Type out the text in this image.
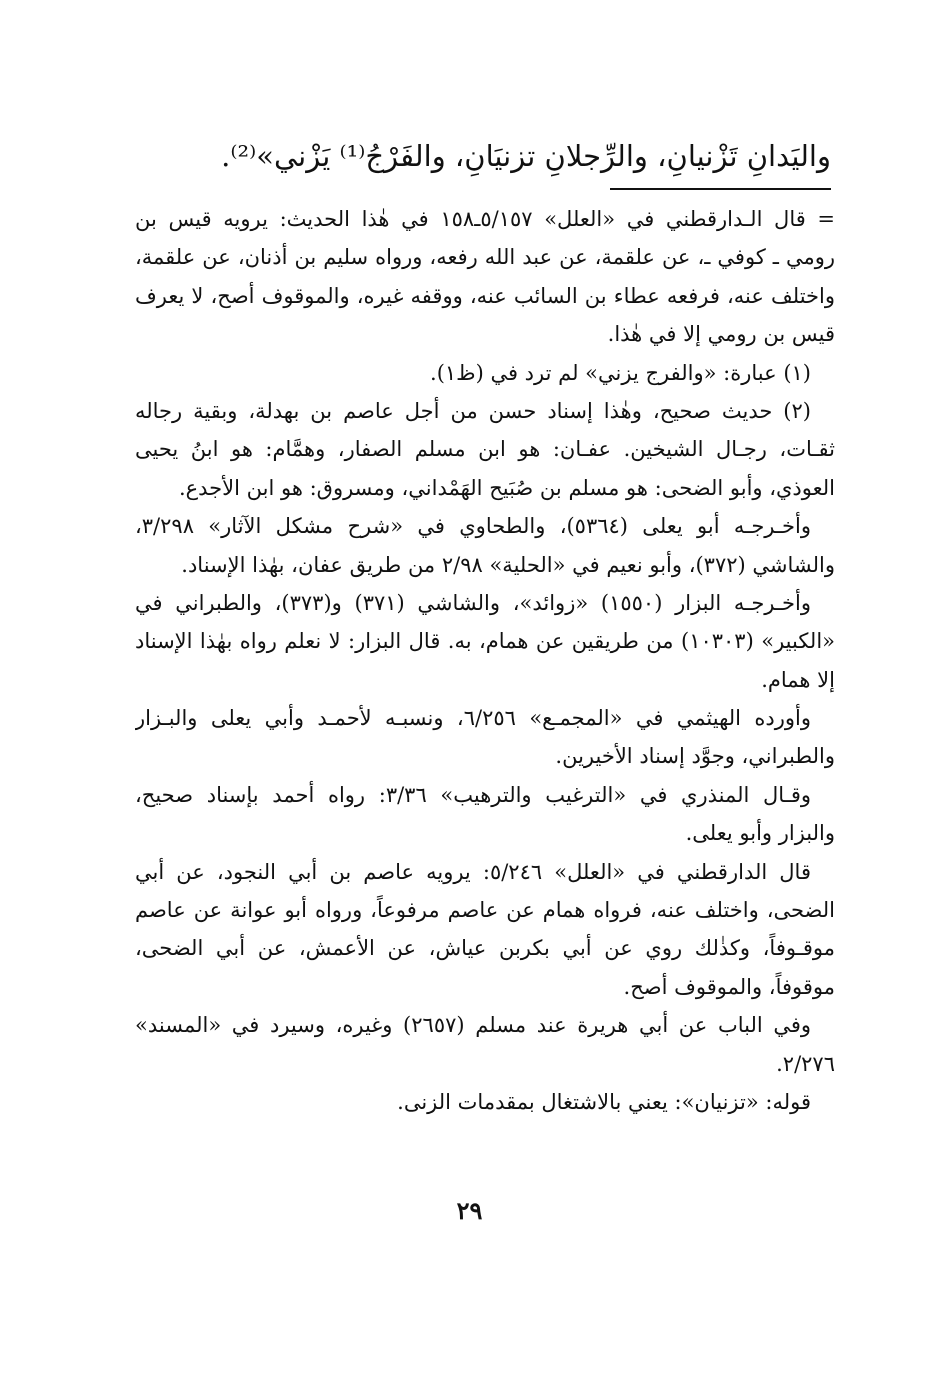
واليَدانِ تَزْنيانِ، والرِّجلانِ تزنيَانِ، والفَرْجُ⁽¹⁾ يَزْني»⁽²⁾.

= قال الـدارقطني في «العلل» ٥/١٥٧ـ١٥٨ في هٰذا الحديث: يرويه قيس بن

رومي ـ كوفي ـ، عن علقمة، عن عبد الله رفعه، ورواه سليم بن أذنان، عن علقمة،

واختلف عنه، فرفعه عطاء بن السائب عنه، ووقفه غيره، والموقوف أصح، لا يعرف

قيس بن رومي إلا في هٰذا.

(١) عبارة: «والفرج يزني» لم ترد في (ظ١).

(٢) حديث صحيح، وهٰذا إسناد حسن من أجل عاصم بن بهدلة، وبقية رجاله

ثقـات، رجـال الشيخين. عفـان: هو ابن مسلم الصفار، وهمَّام: هو ابنُ يحيى

العوذي، وأبو الضحى: هو مسلم بن صُبَيح الهَمْداني، ومسروق: هو ابن الأجدع.

وأخـرجـه أبو يعلى (٥٣٦٤)، والطحاوي في «شرح مشكل الآثار» ٣/٢٩٨،

والشاشي (٣٧٢)، وأبو نعيم في «الحلية» ٢/٩٨ من طريق عفان، بهٰذا الإسناد.

وأخـرجـه البزار (١٥٥٠) «زوائد»، والشاشي (٣٧١) و(٣٧٣)، والطبراني في

«الكبير» (١٠٣٠٣) من طريقين عن همام، به. قال البزار: لا نعلم رواه بهٰذا الإسناد

إلا همام.

وأورده الهيثمي في «المجمـع» ٦/٢٥٦، ونسبـه لأحمـد وأبي يعلى والبـزار

والطبراني، وجوَّد إسناد الأخيرين.

وقـال المنذري في «الترغيب والترهيب» ٣/٣٦: رواه أحمد بإسناد صحيح،

والبزار وأبو يعلى.

قال الدارقطني في «العلل» ٥/٢٤٦: يرويه عاصم بن أبي النجود، عن أبي

الضحى، واختلف عنه، فرواه همام عن عاصم مرفوعاً، ورواه أبو عوانة عن عاصم

موقـوفاً، وكذٰلك روي عن أبي بكربن عياش، عن الأعمش، عن أبي الضحى،

موقوفاً، والموقوف أصح.

وفي الباب عن أبي هريرة عند مسلم (٢٦٥٧) وغيره، وسيرد في «المسند»

٢/٢٧٦.

قوله: «تزنيان»: يعني بالاشتغال بمقدمات الزنى.

٢٩
